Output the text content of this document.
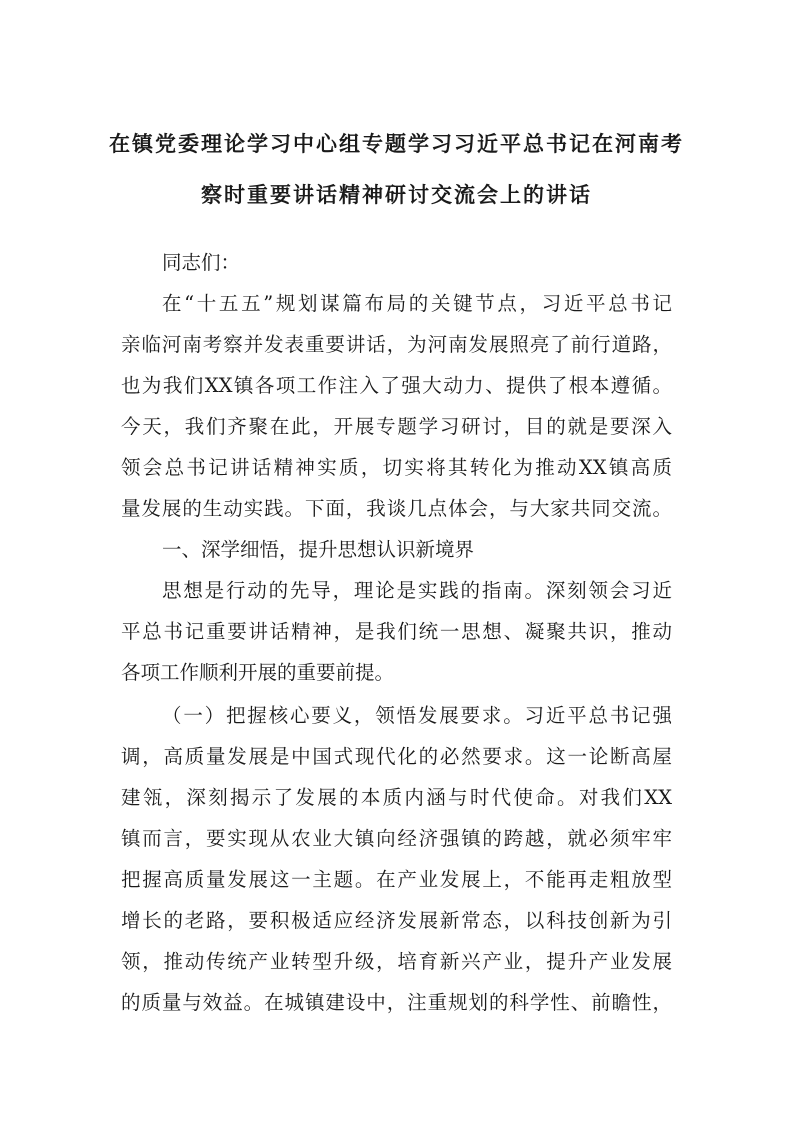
在镇党委理论学习中心组专题学习习近平总书记在河南考
察时重要讲话精神研讨交流会上的讲话
同志们：
在“十五五”规划谋篇布局的关键节点，习近平总书记
亲临河南考察并发表重要讲话，为河南发展照亮了前行道路，
也为我们XX镇各项工作注入了强大动力、提供了根本遵循。
今天，我们齐聚在此，开展专题学习研讨，目的就是要深入
领会总书记讲话精神实质，切实将其转化为推动XX镇高质
量发展的生动实践。下面，我谈几点体会，与大家共同交流。
一、深学细悟，提升思想认识新境界
思想是行动的先导，理论是实践的指南。深刻领会习近
平总书记重要讲话精神，是我们统一思想、凝聚共识，推动
各项工作顺利开展的重要前提。
（一）把握核心要义，领悟发展要求。习近平总书记强
调，高质量发展是中国式现代化的必然要求。这一论断高屋
建瓴，深刻揭示了发展的本质内涵与时代使命。对我们XX
镇而言，要实现从农业大镇向经济强镇的跨越，就必须牢牢
把握高质量发展这一主题。在产业发展上，不能再走粗放型
增长的老路，要积极适应经济发展新常态，以科技创新为引
领，推动传统产业转型升级，培育新兴产业，提升产业发展
的质量与效益。在城镇建设中，注重规划的科学性、前瞻性，
